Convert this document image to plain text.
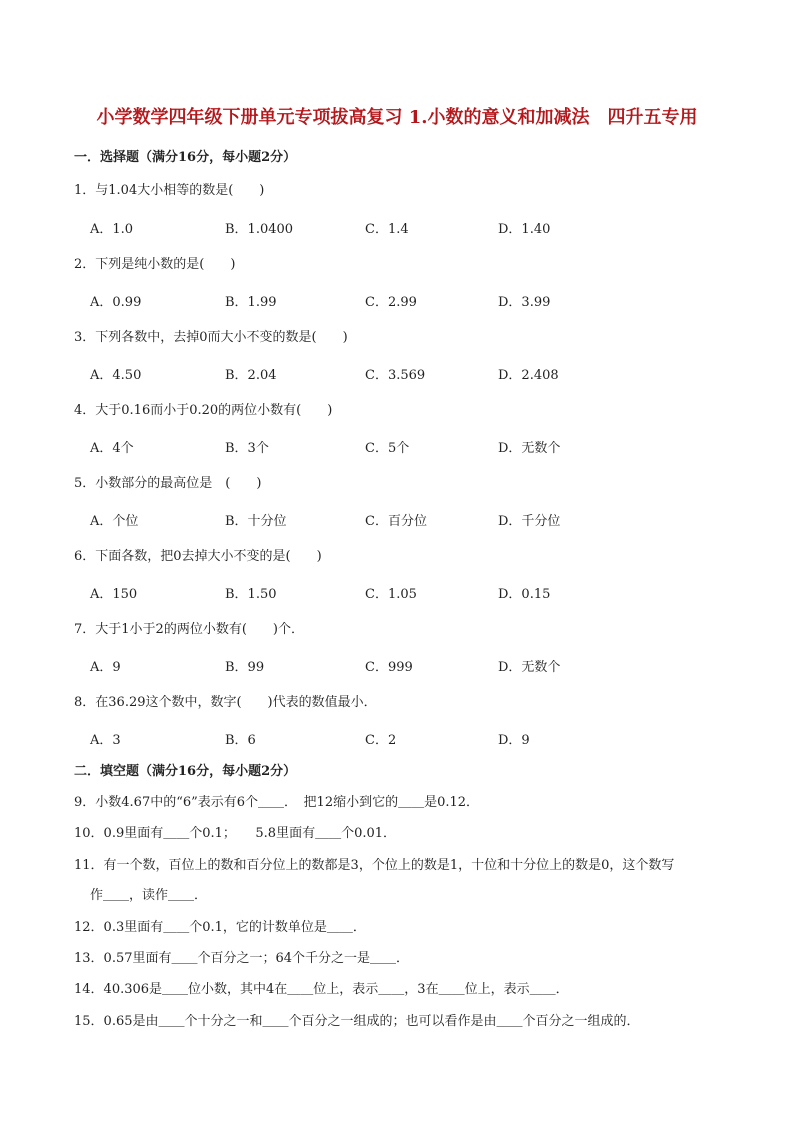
小学数学四年级下册单元专项拔高复习 1.小数的意义和加减法　四升五专用
一．选择题（满分16分，每小题2分）
1．与1.04大小相等的数是(　　)
A．1.0	B．1.0400	C．1.4	D．1.40
2．下列是纯小数的是(　　)
A．0.99	B．1.99	C．2.99	D．3.99
3．下列各数中，去掉0而大小不变的数是(　　)
A．4.50	B．2.04	C．3.569	D．2.408
4．大于0.16而小于0.20的两位小数有(　　)
A．4个	B．3个	C．5个	D．无数个
5．小数部分的最高位是　(　　)
A．个位	B．十分位	C．百分位	D．千分位
6．下面各数，把0去掉大小不变的是(　　)
A．150	B．1.50	C．1.05	D．0.15
7．大于1小于2的两位小数有(　　)个．
A．9	B．99	C．999	D．无数个
8．在36.29这个数中，数字(　　)代表的数值最小．
A．3	B．6	C．2	D．9
二．填空题（满分16分，每小题2分）
9．小数4.67中的“6”表示有6个＿＿．　把12缩小到它的＿＿是0.12．
10．0.9里面有＿＿个0.1；　　5.8里面有＿＿个0.01．
11．有一个数，百位上的数和百分位上的数都是3，个位上的数是1，十位和十分位上的数是0，这个数写
作＿＿，读作＿＿．
12．0.3里面有＿＿个0.1，它的计数单位是＿＿．
13．0.57里面有＿＿个百分之一；64个千分之一是＿＿．
14．40.306是＿＿位小数，其中4在＿＿位上，表示＿＿，3在＿＿位上，表示＿＿．
15．0.65是由＿＿个十分之一和＿＿个百分之一组成的；也可以看作是由＿＿个百分之一组成的．
